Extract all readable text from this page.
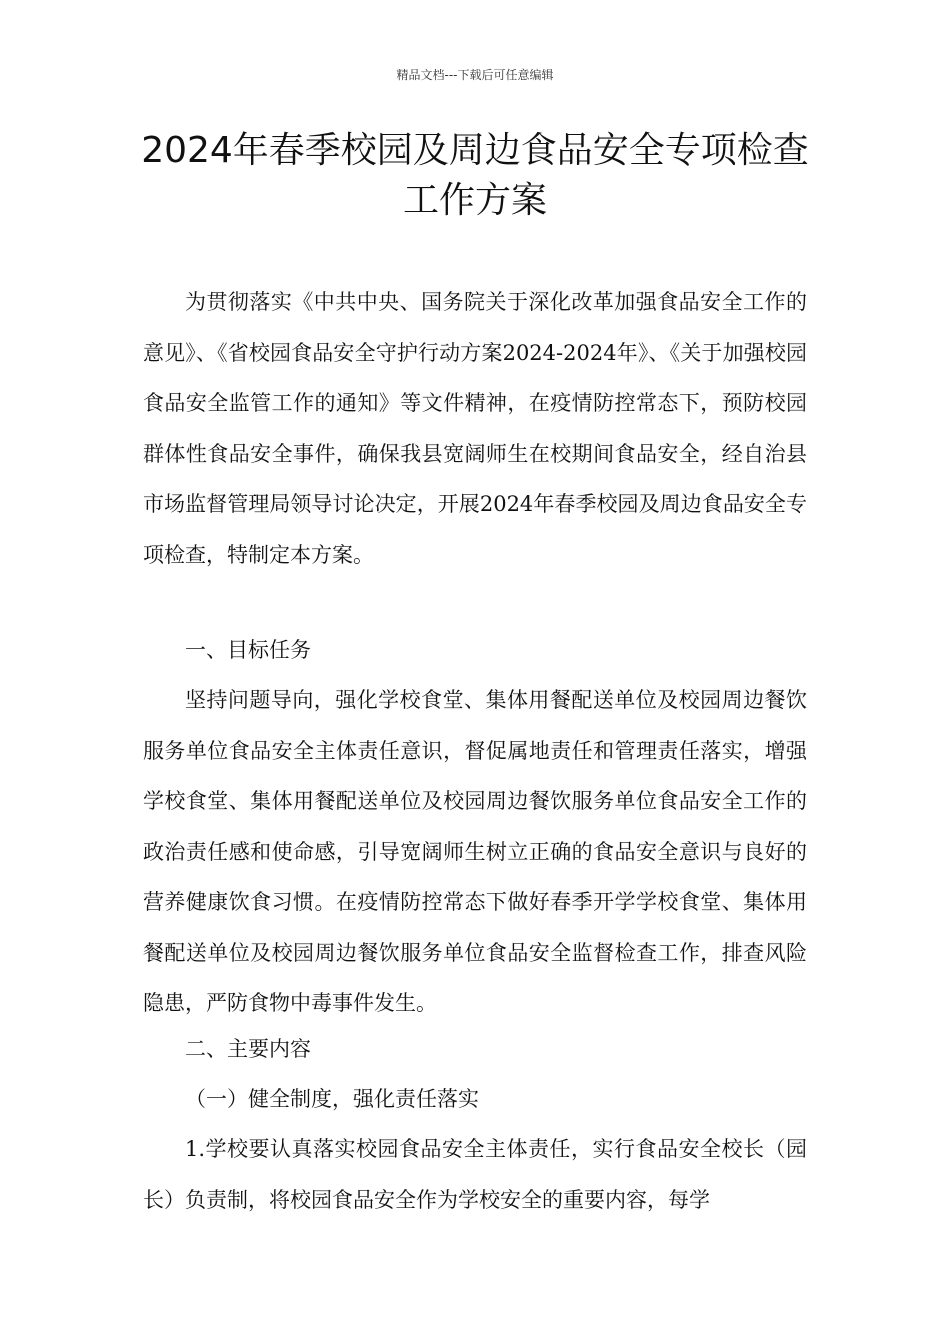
精品文档---下载后可任意编辑
2024年春季校园及周边食品安全专项检查工作方案

为贯彻落实《中共中央、国务院关于深化改革加强食品安全工作的意见》、《省校园食品安全守护行动方案2024-2024年》、《关于加强校园食品安全监管工作的通知》等文件精神，在疫情防控常态下，预防校园群体性食品安全事件，确保我县宽阔师生在校期间食品安全，经自治县市场监督管理局领导讨论决定，开展2024年春季校园及周边食品安全专项检查，特制定本方案。

一、目标任务

坚持问题导向，强化学校食堂、集体用餐配送单位及校园周边餐饮服务单位食品安全主体责任意识，督促属地责任和管理责任落实，增强学校食堂、集体用餐配送单位及校园周边餐饮服务单位食品安全工作的政治责任感和使命感，引导宽阔师生树立正确的食品安全意识与良好的营养健康饮食习惯。在疫情防控常态下做好春季开学学校食堂、集体用餐配送单位及校园周边餐饮服务单位食品安全监督检查工作，排查风险隐患，严防食物中毒事件发生。

二、主要内容

（一）健全制度，强化责任落实

1.学校要认真落实校园食品安全主体责任，实行食品安全校长（园长）负责制，将校园食品安全作为学校安全的重要内容，每学
